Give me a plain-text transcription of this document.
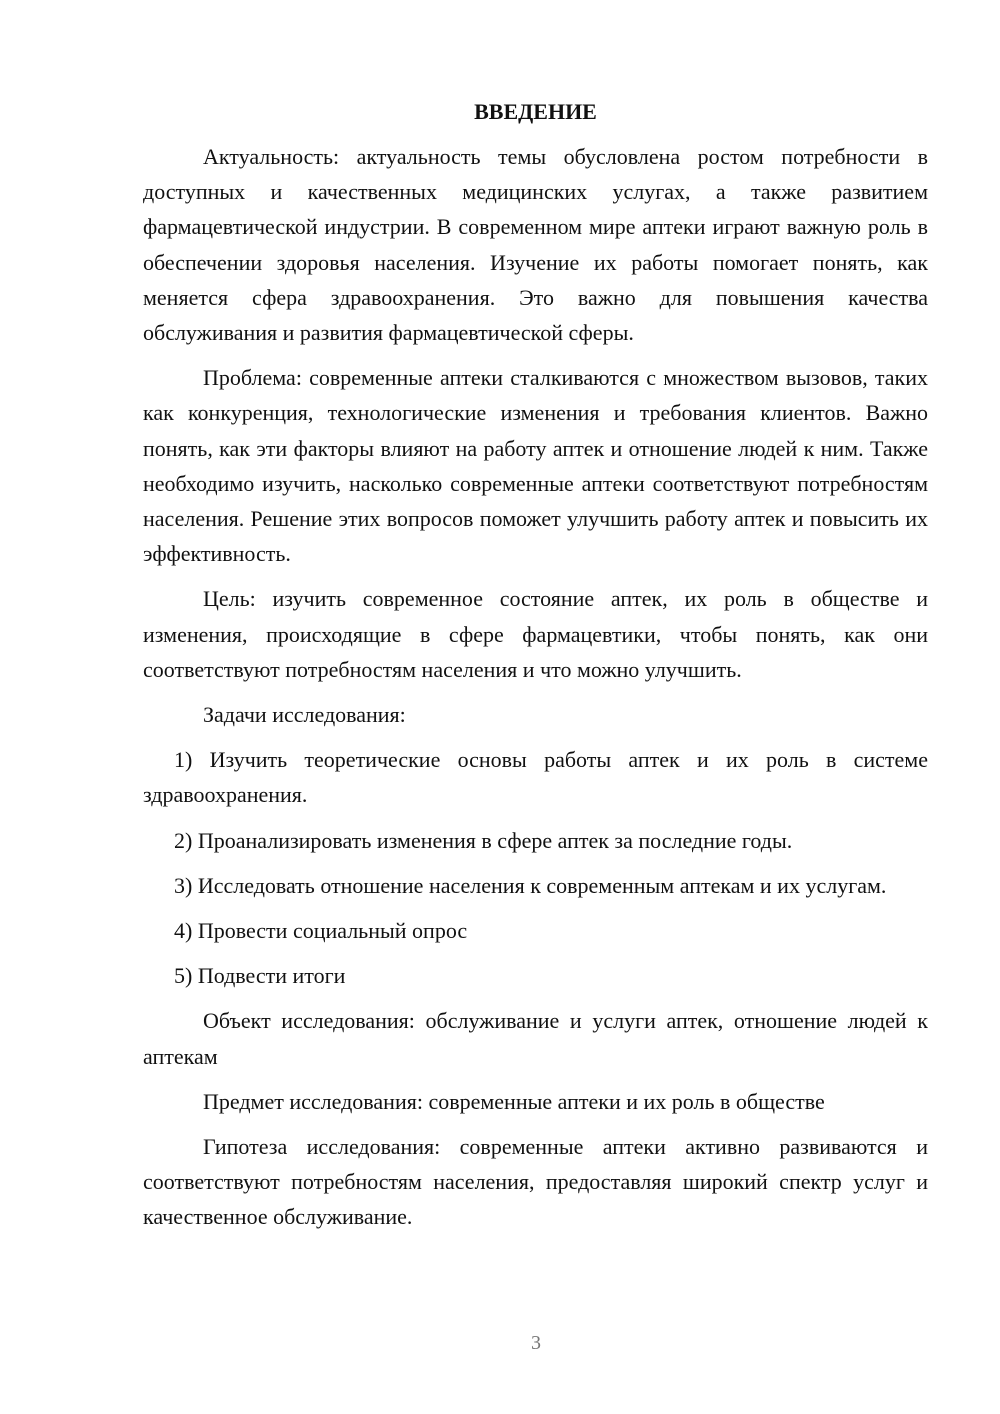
ВВЕДЕНИЕ

Актуальность: актуальность темы обусловлена ростом потребности в доступных и качественных медицинских услугах, а также развитием фармацевтической индустрии. В современном мире аптеки играют важную роль в обеспечении здоровья населения. Изучение их работы помогает понять, как меняется сфера здравоохранения. Это важно для повышения качества обслуживания и развития фармацевтической сферы.

Проблема: современные аптеки сталкиваются с множеством вызовов, таких как конкуренция, технологические изменения и требования клиентов. Важно понять, как эти факторы влияют на работу аптек и отношение людей к ним. Также необходимо изучить, насколько современные аптеки соответствуют потребностям населения. Решение этих вопросов поможет улучшить работу аптек и повысить их эффективность.

Цель: изучить современное состояние аптек, их роль в обществе и изменения, происходящие в сфере фармацевтики, чтобы понять, как они соответствуют потребностям населения и что можно улучшить.

Задачи исследования:

1) Изучить теоретические основы работы аптек и их роль в системе здравоохранения.

2) Проанализировать изменения в сфере аптек за последние годы.

3) Исследовать отношение населения к современным аптекам и их услугам.

4) Провести социальный опрос

5) Подвести итоги

Объект исследования: обслуживание и услуги аптек, отношение людей к аптекам

Предмет исследования: современные аптеки и их роль в обществе

Гипотеза исследования: современные аптеки активно развиваются и соответствуют потребностям населения, предоставляя широкий спектр услуг и качественное обслуживание.

3
